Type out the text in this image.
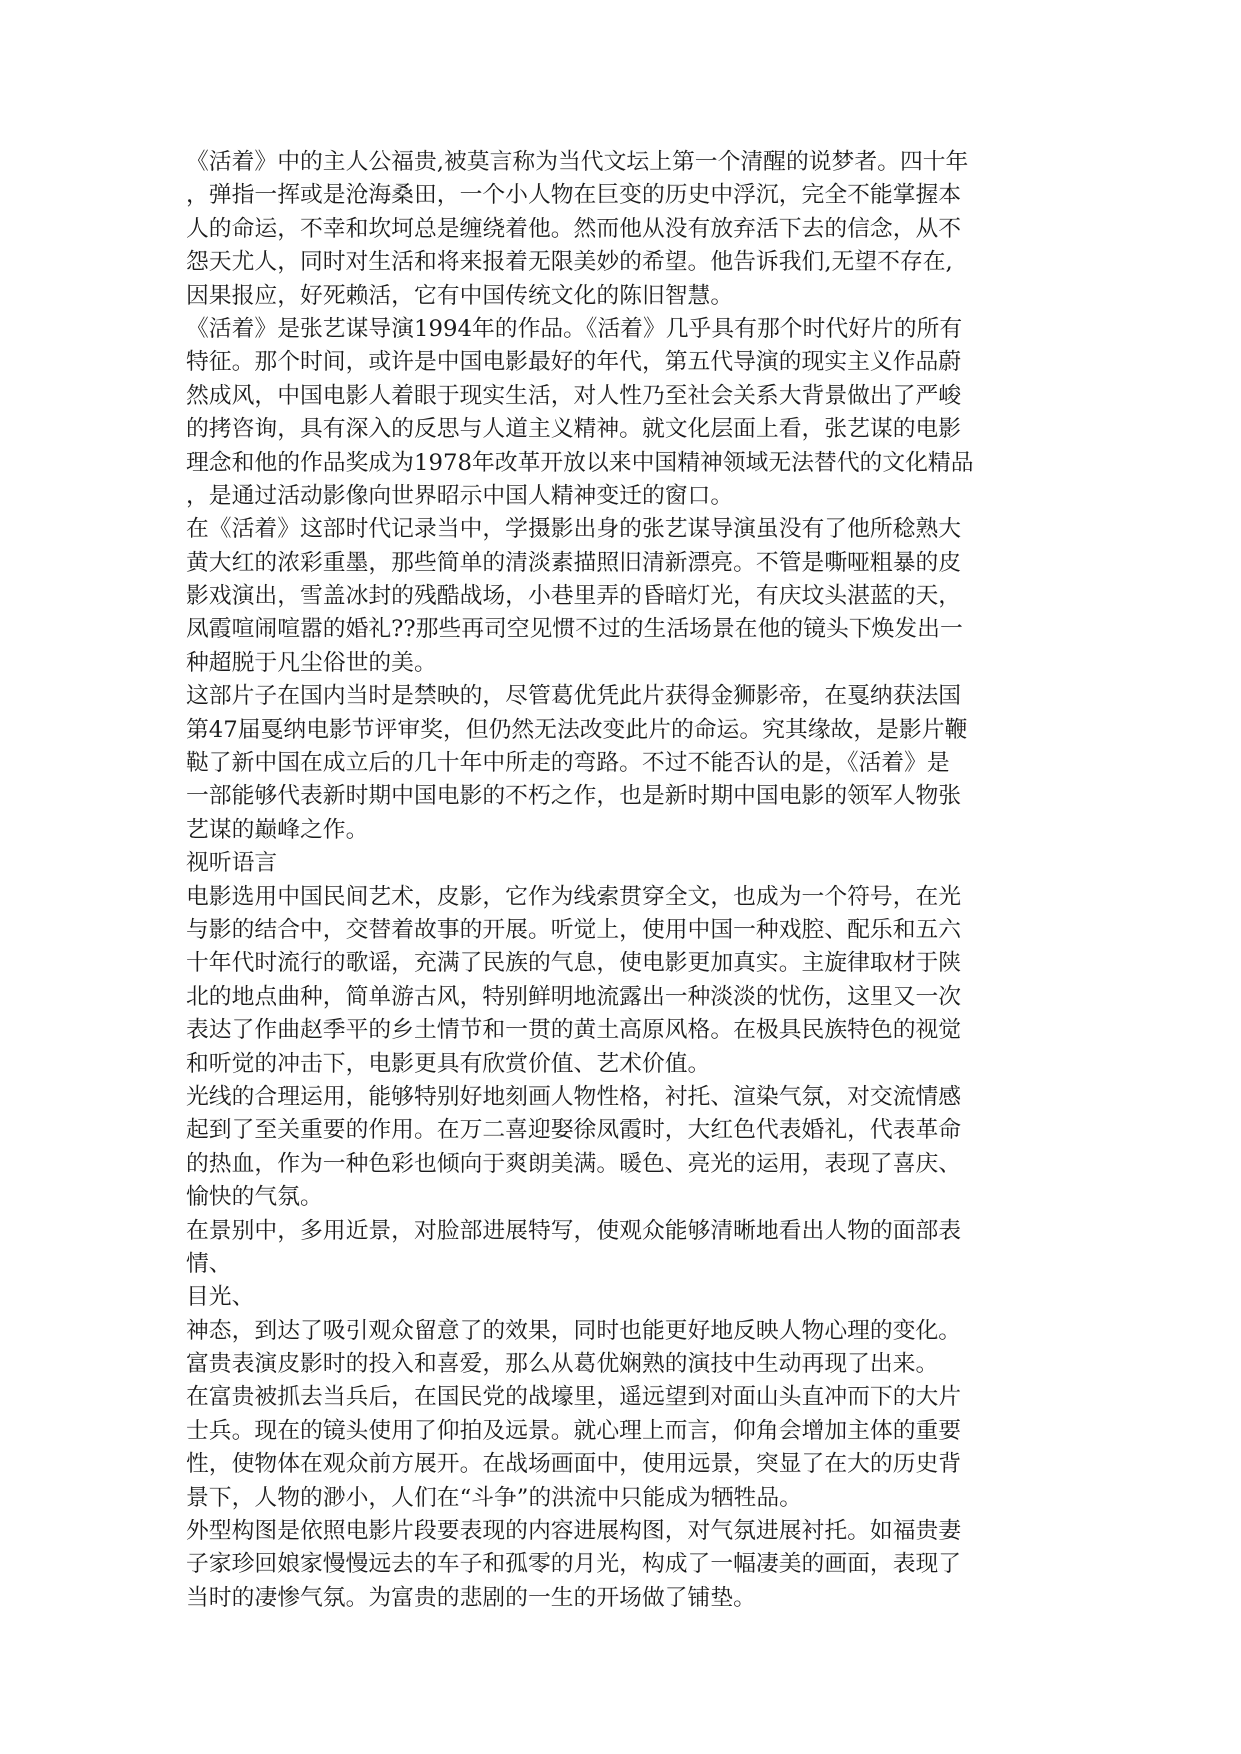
《活着》中的主人公福贵,被莫言称为当代文坛上第一个清醒的说梦者。四十年
，弹指一挥或是沧海桑田，一个小人物在巨变的历史中浮沉，完全不能掌握本
人的命运，不幸和坎坷总是缠绕着他。然而他从没有放弃活下去的信念，从不
怨天尤人，同时对生活和将来报着无限美妙的希望。他告诉我们,无望不存在,
因果报应，好死赖活，它有中国传统文化的陈旧智慧。
《活着》是张艺谋导演1994年的作品。《活着》几乎具有那个时代好片的所有
特征。那个时间，或许是中国电影最好的年代，第五代导演的现实主义作品蔚
然成风，中国电影人着眼于现实生活，对人性乃至社会关系大背景做出了严峻
的拷咨询，具有深入的反思与人道主义精神。就文化层面上看，张艺谋的电影
理念和他的作品奖成为1978年改革开放以来中国精神领域无法替代的文化精品
，是通过活动影像向世界昭示中国人精神变迁的窗口。
在《活着》这部时代记录当中，学摄影出身的张艺谋导演虽没有了他所稔熟大
黄大红的浓彩重墨，那些简单的清淡素描照旧清新漂亮。不管是嘶哑粗暴的皮
影戏演出，雪盖冰封的残酷战场，小巷里弄的昏暗灯光，有庆坟头湛蓝的天，
凤霞喧闹喧嚣的婚礼??那些再司空见惯不过的生活场景在他的镜头下焕发出一
种超脱于凡尘俗世的美。
这部片子在国内当时是禁映的，尽管葛优凭此片获得金狮影帝，在戛纳获法国
第47届戛纳电影节评审奖，但仍然无法改变此片的命运。究其缘故，是影片鞭
鞑了新中国在成立后的几十年中所走的弯路。不过不能否认的是，《活着》是
一部能够代表新时期中国电影的不朽之作，也是新时期中国电影的领军人物张
艺谋的巅峰之作。
视听语言
电影选用中国民间艺术，皮影，它作为线索贯穿全文，也成为一个符号，在光
与影的结合中，交替着故事的开展。听觉上，使用中国一种戏腔、配乐和五六
十年代时流行的歌谣，充满了民族的气息，使电影更加真实。主旋律取材于陕
北的地点曲种，简单游古风，特别鲜明地流露出一种淡淡的忧伤，这里又一次
表达了作曲赵季平的乡土情节和一贯的黄土高原风格。在极具民族特色的视觉
和听觉的冲击下，电影更具有欣赏价值、艺术价值。
光线的合理运用，能够特别好地刻画人物性格，衬托、渲染气氛，对交流情感
起到了至关重要的作用。在万二喜迎娶徐凤霞时，大红色代表婚礼，代表革命
的热血，作为一种色彩也倾向于爽朗美满。暖色、亮光的运用，表现了喜庆、
愉快的气氛。
在景别中，多用近景，对脸部进展特写，使观众能够清晰地看出人物的面部表
情、
目光、
神态，到达了吸引观众留意了的效果，同时也能更好地反映人物心理的变化。
富贵表演皮影时的投入和喜爱，那么从葛优娴熟的演技中生动再现了出来。
在富贵被抓去当兵后，在国民党的战壕里，遥远望到对面山头直冲而下的大片
士兵。现在的镜头使用了仰拍及远景。就心理上而言，仰角会增加主体的重要
性，使物体在观众前方展开。在战场画面中，使用远景，突显了在大的历史背
景下，人物的渺小，人们在“斗争”的洪流中只能成为牺牲品。
外型构图是依照电影片段要表现的内容进展构图，对气氛进展衬托。如福贵妻
子家珍回娘家慢慢远去的车子和孤零的月光，构成了一幅凄美的画面，表现了
当时的凄惨气氛。为富贵的悲剧的一生的开场做了铺垫。
